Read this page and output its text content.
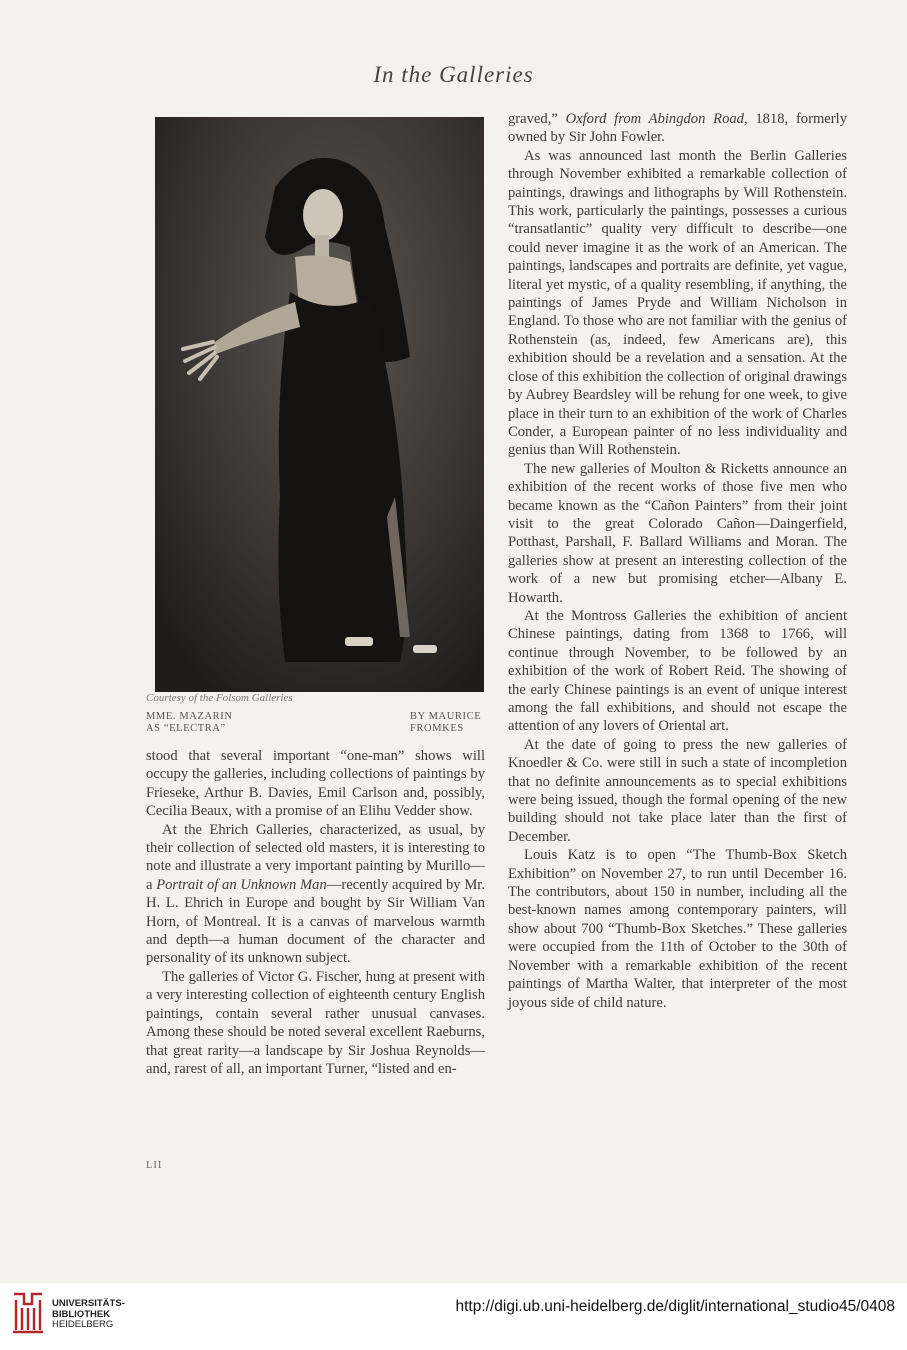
In the Galleries
Courtesy of the Folsom Galleries
MME. MAZARIN
AS “ELECTRA”
BY MAURICE
FROMKES

stood that several important “one-man” shows will occupy the galleries, including collections of paintings by Frieseke, Arthur B. Davies, Emil Carlson and, possibly, Cecilia Beaux, with a promise of an Elihu Vedder show.

At the Ehrich Galleries, characterized, as usual, by their collection of selected old masters, it is interesting to note and illustrate a very important painting by Murillo—a Portrait of an Unknown Man—recently acquired by Mr. H. L. Ehrich in Europe and bought by Sir William Van Horn, of Montreal. It is a canvas of marvelous warmth and depth—a human document of the character and personality of its unknown subject.

The galleries of Victor G. Fischer, hung at present with a very interesting collection of eighteenth century English paintings, contain several rather unusual canvases. Among these should be noted several excellent Raeburns, that great rarity—a landscape by Sir Joshua Reynolds—and, rarest of all, an important Turner, “listed and en-

graved,” Oxford from Abingdon Road, 1818, formerly owned by Sir John Fowler.

As was announced last month the Berlin Galleries through November exhibited a remarkable collection of paintings, drawings and lithographs by Will Rothenstein. This work, particularly the paintings, possesses a curious “transatlantic” quality very difficult to describe—one could never imagine it as the work of an American. The paintings, landscapes and portraits are definite, yet vague, literal yet mystic, of a quality resembling, if anything, the paintings of James Pryde and William Nicholson in England. To those who are not familiar with the genius of Rothenstein (as, indeed, few Americans are), this exhibition should be a revelation and a sensation. At the close of this exhibition the collection of original drawings by Aubrey Beardsley will be rehung for one week, to give place in their turn to an exhibition of the work of Charles Conder, a European painter of no less individuality and genius than Will Rothenstein.

The new galleries of Moulton & Ricketts announce an exhibition of the recent works of those five men who became known as the “Cañon Painters” from their joint visit to the great Colorado Cañon—Daingerfield, Potthast, Parshall, F. Ballard Williams and Moran. The galleries show at present an interesting collection of the work of a new but promising etcher—Albany E. Howarth.

At the Montross Galleries the exhibition of ancient Chinese paintings, dating from 1368 to 1766, will continue through November, to be followed by an exhibition of the work of Robert Reid. The showing of the early Chinese paintings is an event of unique interest among the fall exhibitions, and should not escape the attention of any lovers of Oriental art.

At the date of going to press the new galleries of Knoedler & Co. were still in such a state of incompletion that no definite announcements as to special exhibitions were being issued, though the formal opening of the new building should not take place later than the first of December.

Louis Katz is to open “The Thumb-Box Sketch Exhibition” on November 27, to run until December 16. The contributors, about 150 in number, including all the best-known names among contemporary painters, will show about 700 “Thumb-Box Sketches.” These galleries were occupied from the 11th of October to the 30th of November with a remarkable exhibition of the recent paintings of Martha Walter, that interpreter of the most joyous side of child nature.

LII
UNIVERSITÄTS-
BIBLIOTHEK
HEIDELBERG
http://digi.ub.uni-heidelberg.de/diglit/international_studio45/0408
